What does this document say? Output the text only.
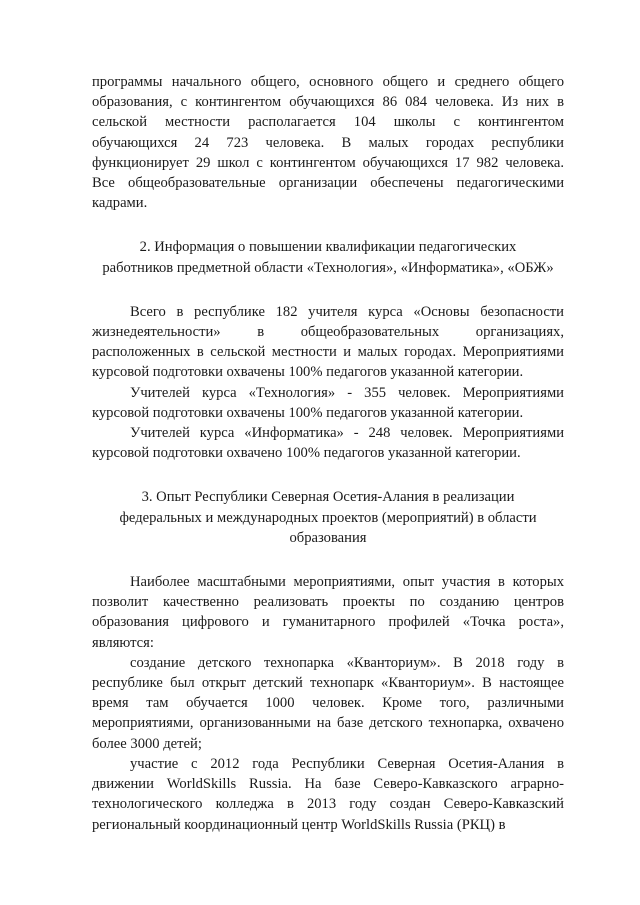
программы начального общего, основного общего и среднего общего образования, с контингентом обучающихся 86 084 человека. Из них в сельской местности располагается 104 школы с контингентом обучающихся 24 723 человека. В малых городах республики функционирует 29 школ с контингентом обучающихся 17 982 человека. Все общеобразовательные организации обеспечены педагогическими кадрами.

2. Информация о повышении квалификации педагогических

работников предметной области «Технология», «Информатика», «ОБЖ»

Всего в республике 182 учителя курса «Основы безопасности жизнедеятельности» в общеобразовательных организациях, расположенных в сельской местности и малых городах. Мероприятиями курсовой подготовки охвачены 100% педагогов указанной категории.

Учителей курса «Технология» - 355 человек. Мероприятиями курсовой подготовки охвачены 100% педагогов указанной категории.

Учителей курса «Информатика» - 248 человек. Мероприятиями курсовой подготовки охвачено 100% педагогов указанной категории.

3. Опыт Республики Северная Осетия-Алания в реализации

федеральных и международных проектов (мероприятий) в области

образования

Наиболее масштабными мероприятиями, опыт участия в которых позволит качественно реализовать проекты по созданию центров образования цифрового и гуманитарного профилей «Точка роста», являются:

создание детского технопарка «Кванториум». В 2018 году в республике был открыт детский технопарк «Кванториум». В настоящее время там обучается 1000 человек. Кроме того, различными мероприятиями, организованными на базе детского технопарка, охвачено более 3000 детей;

участие с 2012 года Республики Северная Осетия-Алания в движении WorldSkills Russia. На базе Северо-Кавказского аграрно-технологического колледжа в 2013 году создан Северо-Кавказский региональный координационный центр WorldSkills Russia (РКЦ) в
